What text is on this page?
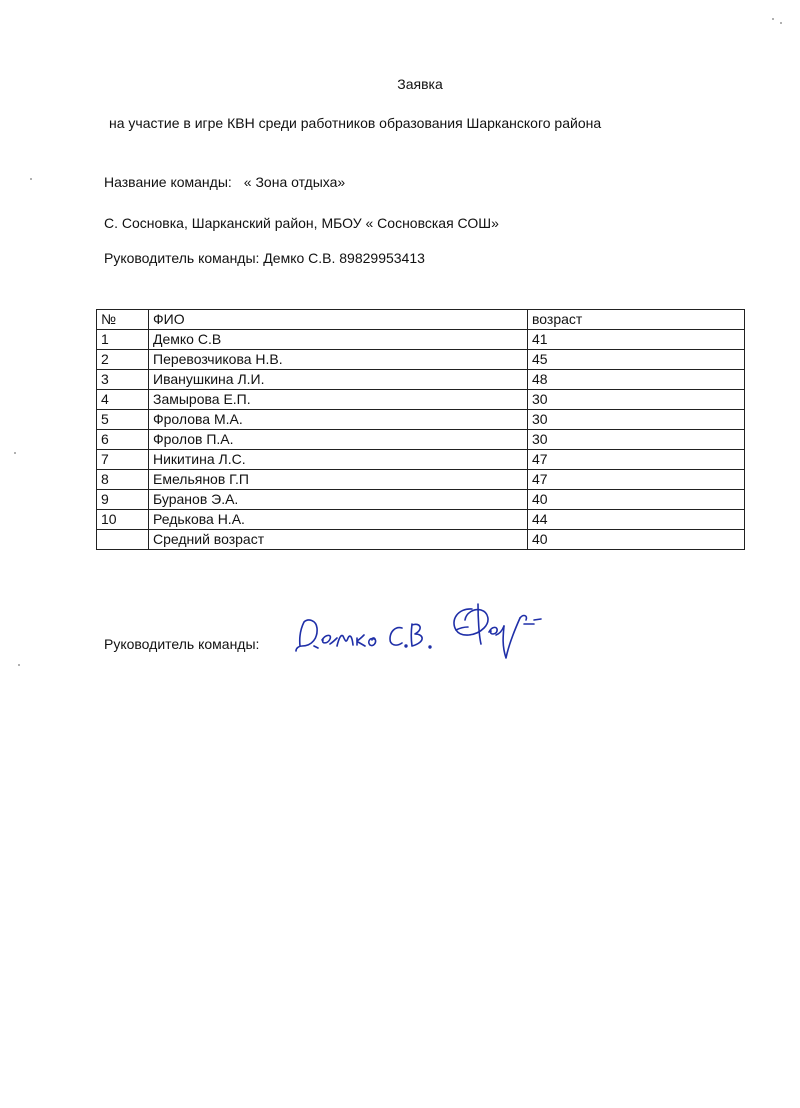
Заявка
на участие в игре КВН среди работников образования Шарканского района
Название команды: « Зона отдыха»
С. Сосновка, Шарканский район, МБОУ « Сосновская СОШ»
Руководитель команды: Демко С.В. 89829953413
№	ФИО	возраст
1	Демко С.В	41
2	Перевозчикова Н.В.	45
3	Иванушкина Л.И.	48
4	Замырова Е.П.	30
5	Фролова М.А.	30
6	Фролов П.А.	30
7	Никитина Л.С.	47
8	Емельянов Г.П	47
9	Буранов Э.А.	40
10	Редькова Н.А.	44
	Средний возраст	40
Руководитель команды:
